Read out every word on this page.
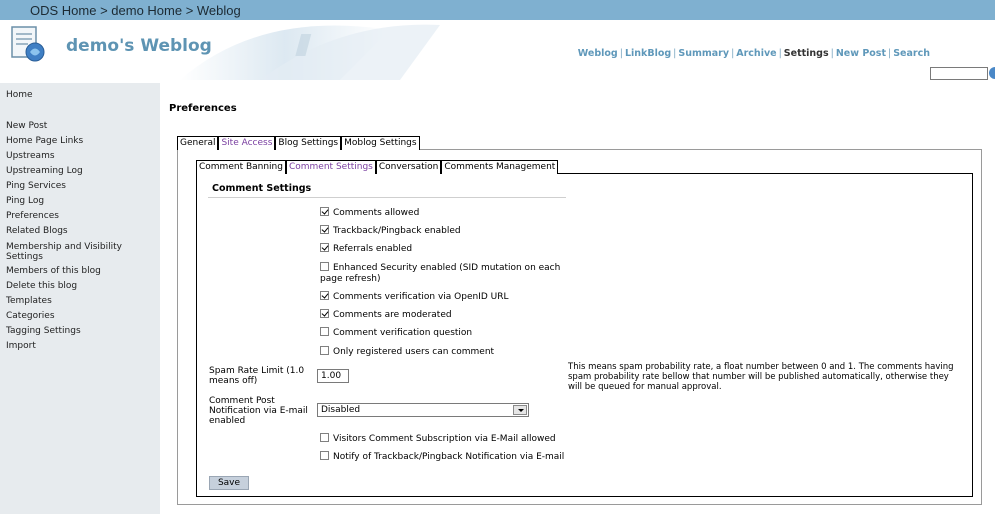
ODS Home > demo Home > Weblog
demo's Weblog	Weblog | LinkBlog | Summary | Archive | Settings | New Post | Search
Home
New Post
Home Page Links
Upstreams
Upstreaming Log
Ping Services
Ping Log
Preferences
Related Blogs
Membership and Visibility Settings
Members of this blog
Delete this blog
Templates
Categories
Tagging Settings
Import
Preferences
General Site Access Blog Settings Moblog Settings
Comment Banning Comment Settings Conversation Comments Management
Comment Settings
Comments allowed
Trackback/Pingback enabled
Referrals enabled
Enhanced Security enabled (SID mutation on each page refresh)
Comments verification via OpenID URL
Comments are moderated
Comment verification question
Only registered users can comment
Spam Rate Limit (1.0 means off)	1.00
This means spam probability rate, a float number between 0 and 1. The comments having spam probability rate bellow that number will be published automatically, otherwise they will be queued for manual approval.
Comment Post Notification via E-mail enabled
Disabled
Visitors Comment Subscription via E-Mail allowed
Notify of Trackback/Pingback Notification via E-mail
Save
